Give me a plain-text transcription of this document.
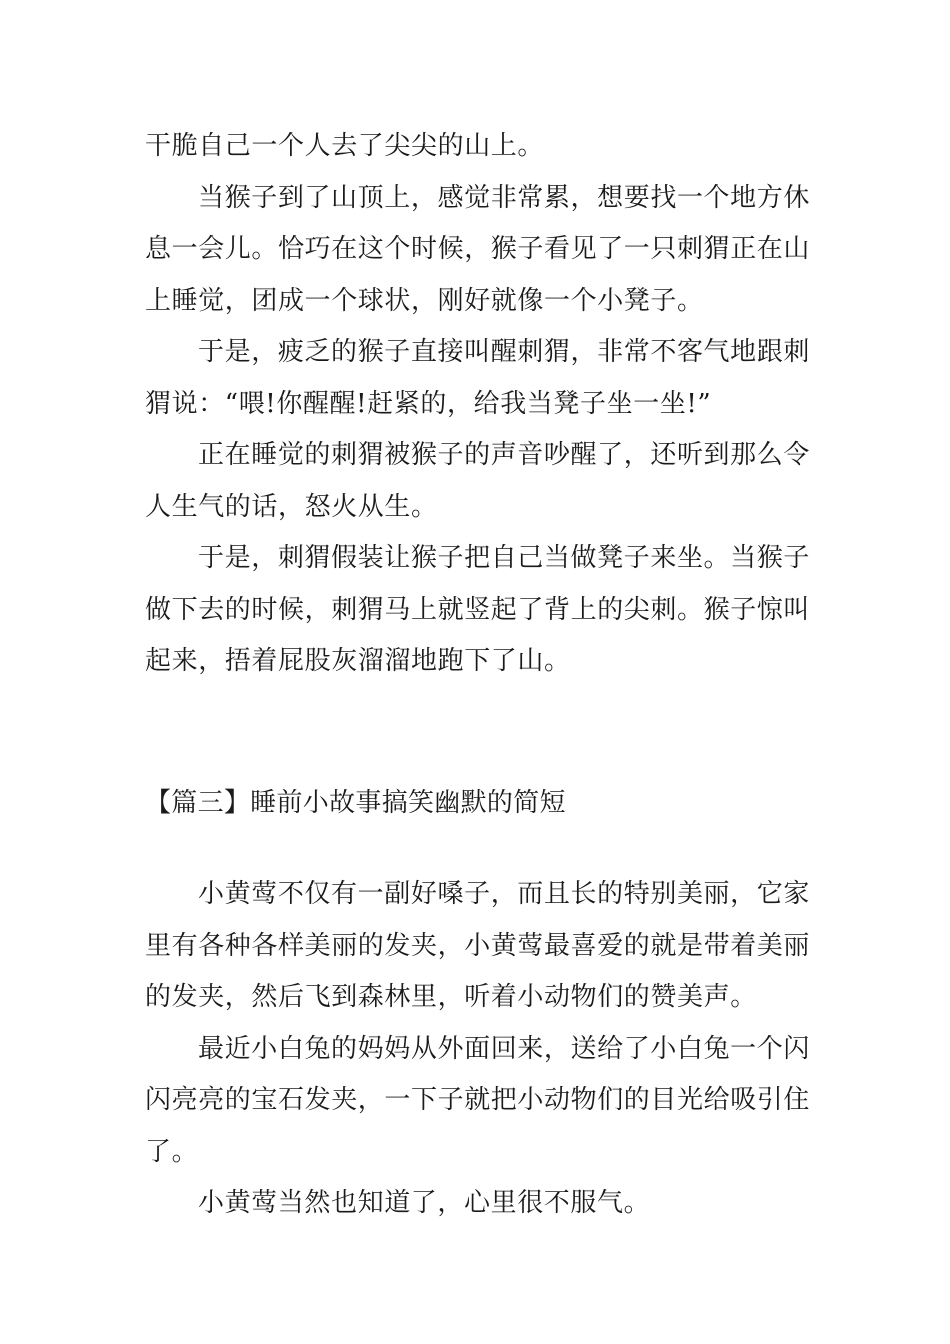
干脆自己一个人去了尖尖的山上。

当猴子到了山顶上，感觉非常累，想要找一个地方休息一会儿。恰巧在这个时候，猴子看见了一只刺猬正在山上睡觉，团成一个球状，刚好就像一个小凳子。

于是，疲乏的猴子直接叫醒刺猬，非常不客气地跟刺猬说：“喂!你醒醒!赶紧的，给我当凳子坐一坐!”

正在睡觉的刺猬被猴子的声音吵醒了，还听到那么令人生气的话，怒火从生。

于是，刺猬假装让猴子把自己当做凳子来坐。当猴子做下去的时候，刺猬马上就竖起了背上的尖刺。猴子惊叫起来，捂着屁股灰溜溜地跑下了山。

【篇三】睡前小故事搞笑幽默的简短

小黄莺不仅有一副好嗓子，而且长的特别美丽，它家里有各种各样美丽的发夹，小黄莺最喜爱的就是带着美丽的发夹，然后飞到森林里，听着小动物们的赞美声。

最近小白兔的妈妈从外面回来，送给了小白兔一个闪闪亮亮的宝石发夹，一下子就把小动物们的目光给吸引住了。

小黄莺当然也知道了，心里很不服气。
